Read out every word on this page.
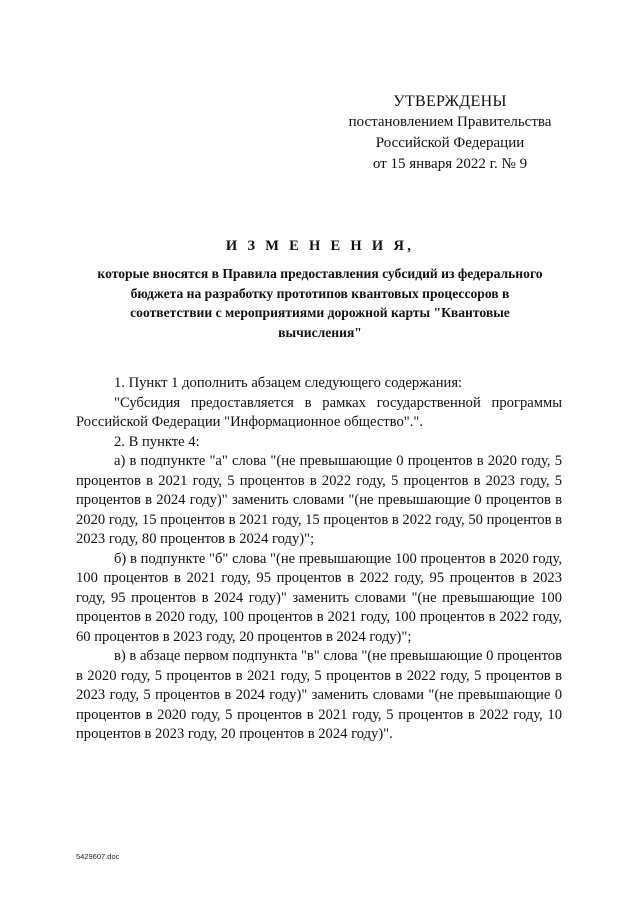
УТВЕРЖДЕНЫ
постановлением Правительства
Российской Федерации
от 15 января 2022 г. № 9
И З М Е Н Е Н И Я,
которые вносятся в Правила предоставления субсидий из федерального бюджета на разработку прототипов квантовых процессоров в соответствии с мероприятиями дорожной карты "Квантовые вычисления"

1. Пункт 1 дополнить абзацем следующего содержания:

"Субсидия предоставляется в рамках государственной программы Российской Федерации "Информационное общество".".

2. В пункте 4:

а) в подпункте "а" слова "(не превышающие 0 процентов в 2020 году, 5 процентов в 2021 году, 5 процентов в 2022 году, 5 процентов в 2023 году, 5 процентов в 2024 году)" заменить словами "(не превышающие 0 процентов в 2020 году, 15 процентов в 2021 году, 15 процентов в 2022 году, 50 процентов в 2023 году, 80 процентов в 2024 году)";

б) в подпункте "б" слова "(не превышающие 100 процентов в 2020 году, 100 процентов в 2021 году, 95 процентов в 2022 году, 95 процентов в 2023 году, 95 процентов в 2024 году)" заменить словами "(не превышающие 100 процентов в 2020 году, 100 процентов в 2021 году, 100 процентов в 2022 году, 60 процентов в 2023 году, 20 процентов в 2024 году)";

в) в абзаце первом подпункта "в" слова "(не превышающие 0 процентов в 2020 году, 5 процентов в 2021 году, 5 процентов в 2022 году, 5 процентов в 2023 году, 5 процентов в 2024 году)" заменить словами "(не превышающие 0 процентов в 2020 году, 5 процентов в 2021 году, 5 процентов в 2022 году, 10 процентов в 2023 году, 20 процентов в 2024 году)".

5429607.doc
